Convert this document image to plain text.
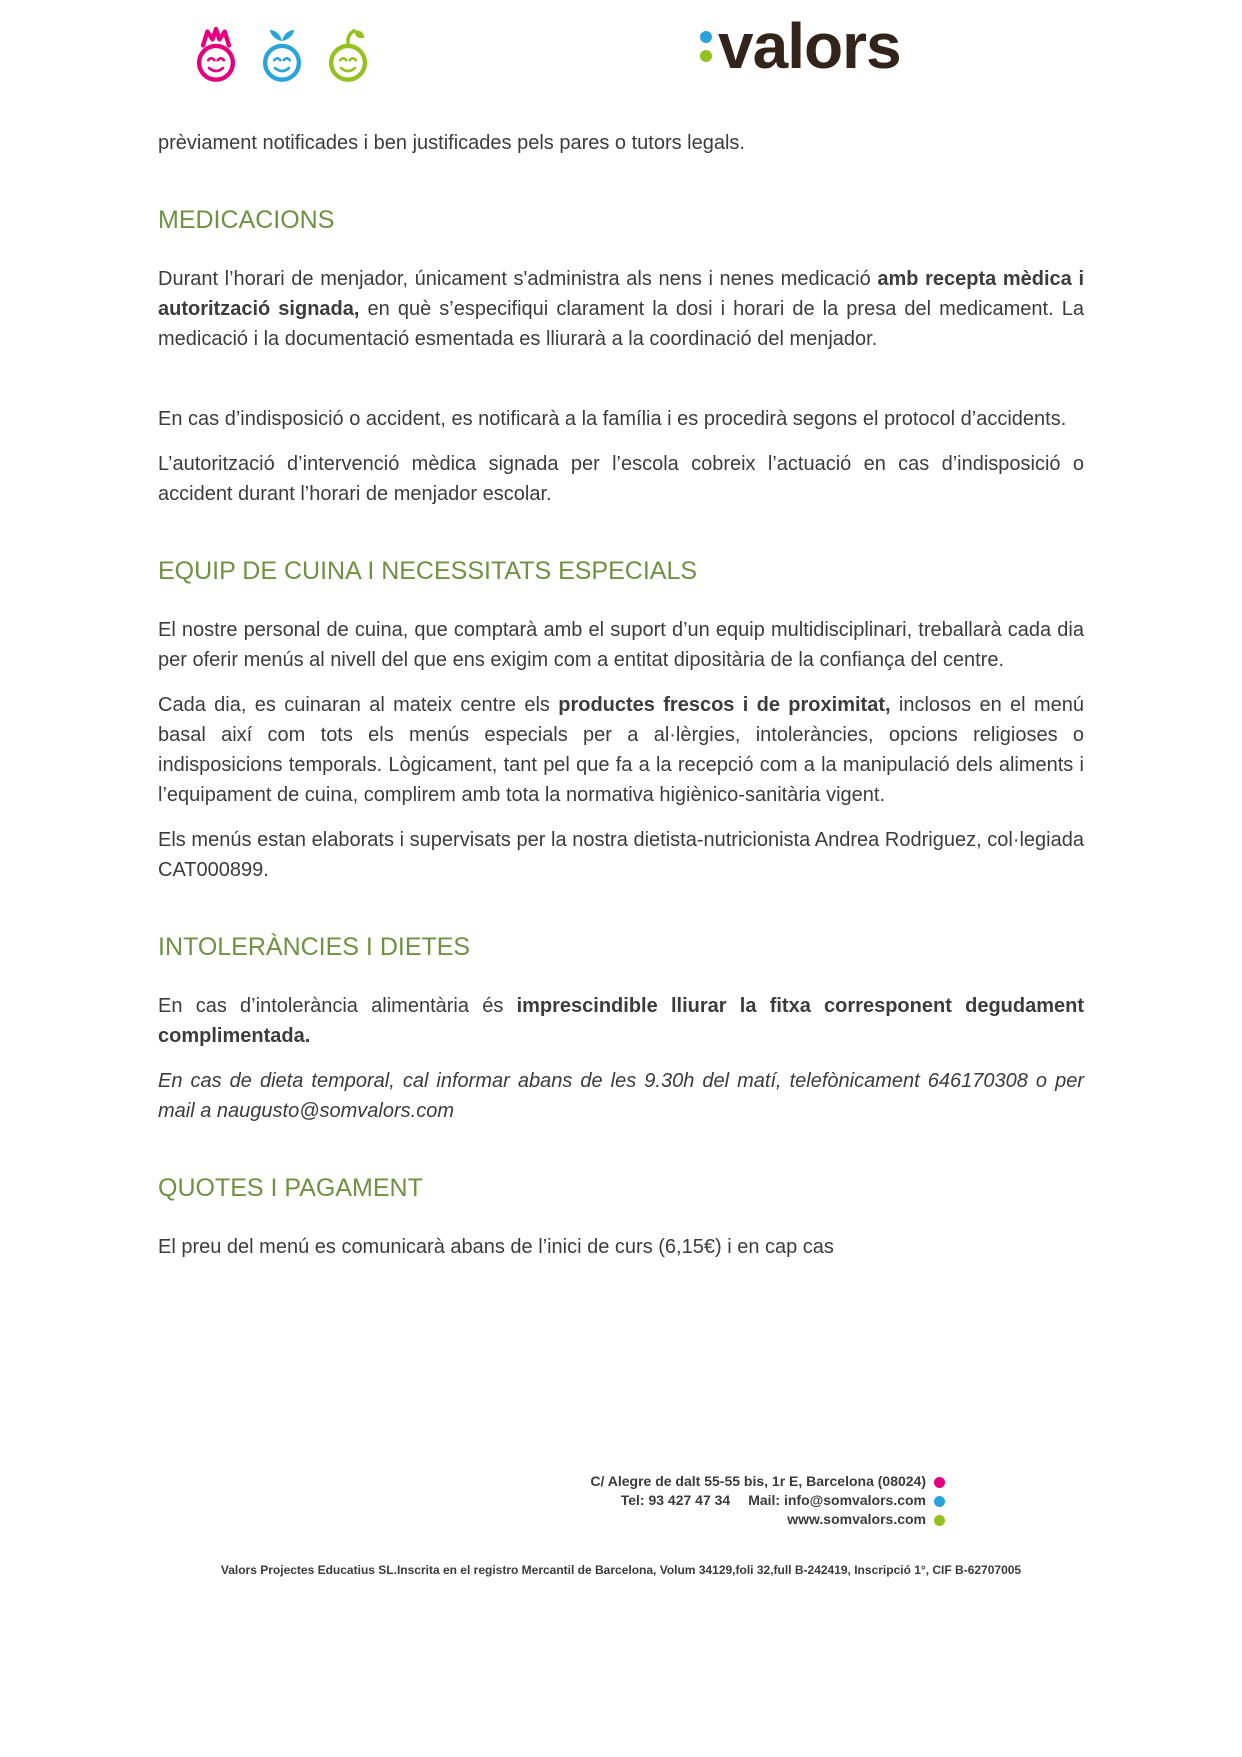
valors

prèviament notificades i ben justificades pels pares o tutors legals.

MEDICACIONS

Durant l’horari de menjador, únicament s'administra als nens i nenes medicació amb recepta mèdica i autorització signada, en què s’especifiqui clarament la dosi i horari de la presa del medicament. La medicació i la documentació esmentada es lliurarà a la coordinació del menjador.

En cas d’indisposició o accident, es notificarà a la família i es procedirà segons el protocol d’accidents.

L’autorització d’intervenció mèdica signada per l’escola cobreix l’actuació en cas d’indisposició o accident durant l’horari de menjador escolar.

EQUIP DE CUINA I NECESSITATS ESPECIALS

El nostre personal de cuina, que comptarà amb el suport d’un equip multidisciplinari, treballarà cada dia per oferir menús al nivell del que ens exigim com a entitat dipositària de la confiança del centre.

Cada dia, es cuinaran al mateix centre els productes frescos i de proximitat, inclosos en el menú basal així com tots els menús especials per a al·lèrgies, intoleràncies, opcions religioses o indisposicions temporals. Lògicament, tant pel que fa a la recepció com a la manipulació dels aliments i l’equipament de cuina, complirem amb tota la normativa higiènico-sanitària vigent.

Els menús estan elaborats i supervisats per la nostra dietista-nutricionista Andrea Rodriguez, col·legiada CAT000899.

INTOLERÀNCIES I DIETES

En cas d’intolerància alimentària és imprescindible lliurar la fitxa corresponent degudament complimentada.

En cas de dieta temporal, cal informar abans de les 9.30h del matí, telefònicament 646170308 o per mail a naugusto@somvalors.com

QUOTES I PAGAMENT

El preu del menú es comunicarà abans de l’inici de curs (6,15€) i en cap cas

C/ Alegre de dalt 55-55 bis, 1r E, Barcelona (08024)
Tel: 93 427 47 34 Mail: info@somvalors.com
www.somvalors.com
Valors Projectes Educatius SL.Inscrita en el registro Mercantil de Barcelona, Volum 34129,foli 32,full B-242419, Inscripció 1°, CIF B-62707005
